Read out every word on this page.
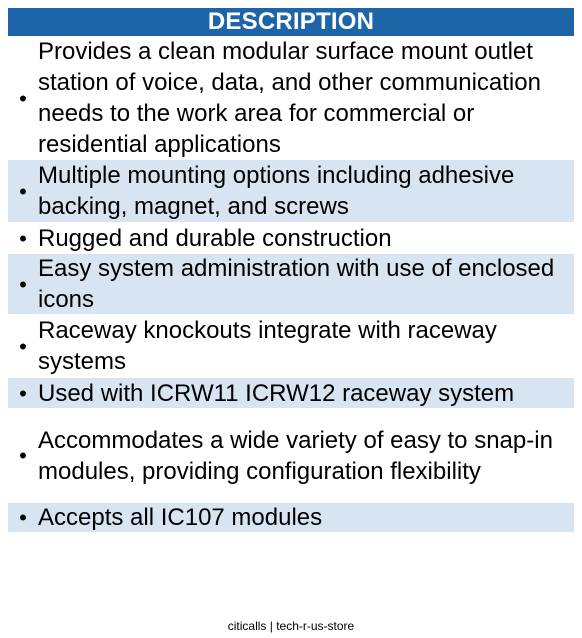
DESCRIPTION
•
Provides a clean modular surface mount outlet station of voice, data, and other communication needs to the work area for commercial or residential applications
•
Multiple mounting options including adhesive backing, magnet, and screws
• Rugged and durable construction
•
Easy system administration with use of enclosed icons
•
Raceway knockouts integrate with raceway systems
• Used with ICRW11 ICRW12 raceway system
•
Accommodates a wide variety of easy to snap-in modules, providing configuration flexibility
• Accepts all IC107 modules
citicalls | tech-r-us-store
